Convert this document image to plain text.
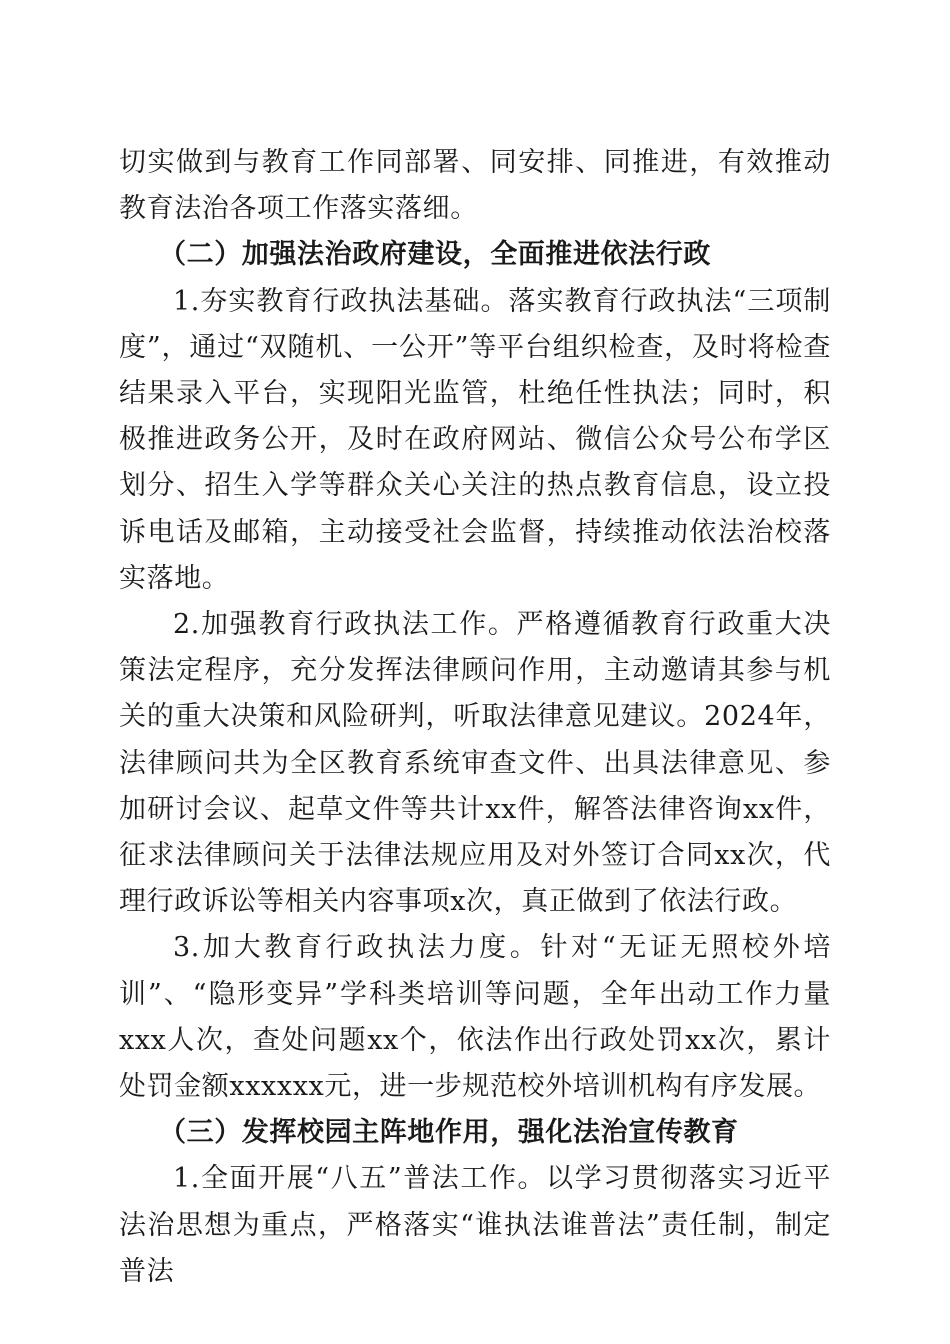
切实做到与教育工作同部署、同安排、同推进，有效推动教育法治各项工作落实落细。

（二）加强法治政府建设，全面推进依法行政

1.夯实教育行政执法基础。落实教育行政执法“三项制度”，通过“双随机、一公开”等平台组织检查，及时将检查结果录入平台，实现阳光监管，杜绝任性执法；同时，积极推进政务公开，及时在政府网站、微信公众号公布学区划分、招生入学等群众关心关注的热点教育信息，设立投诉电话及邮箱，主动接受社会监督，持续推动依法治校落实落地。

2.加强教育行政执法工作。严格遵循教育行政重大决策法定程序，充分发挥法律顾问作用，主动邀请其参与机关的重大决策和风险研判，听取法律意见建议。2024年，法律顾问共为全区教育系统审查文件、出具法律意见、参加研讨会议、起草文件等共计xx件，解答法律咨询xx件，征求法律顾问关于法律法规应用及对外签订合同xx次，代理行政诉讼等相关内容事项x次，真正做到了依法行政。

3.加大教育行政执法力度。针对“无证无照校外培训”、“隐形变异”学科类培训等问题，全年出动工作力量xxx人次，查处问题xx个，依法作出行政处罚xx次，累计处罚金额xxxxxx元，进一步规范校外培训机构有序发展。

（三）发挥校园主阵地作用，强化法治宣传教育

1.全面开展“八五”普法工作。以学习贯彻落实习近平法治思想为重点，严格落实“谁执法谁普法”责任制，制定普法
